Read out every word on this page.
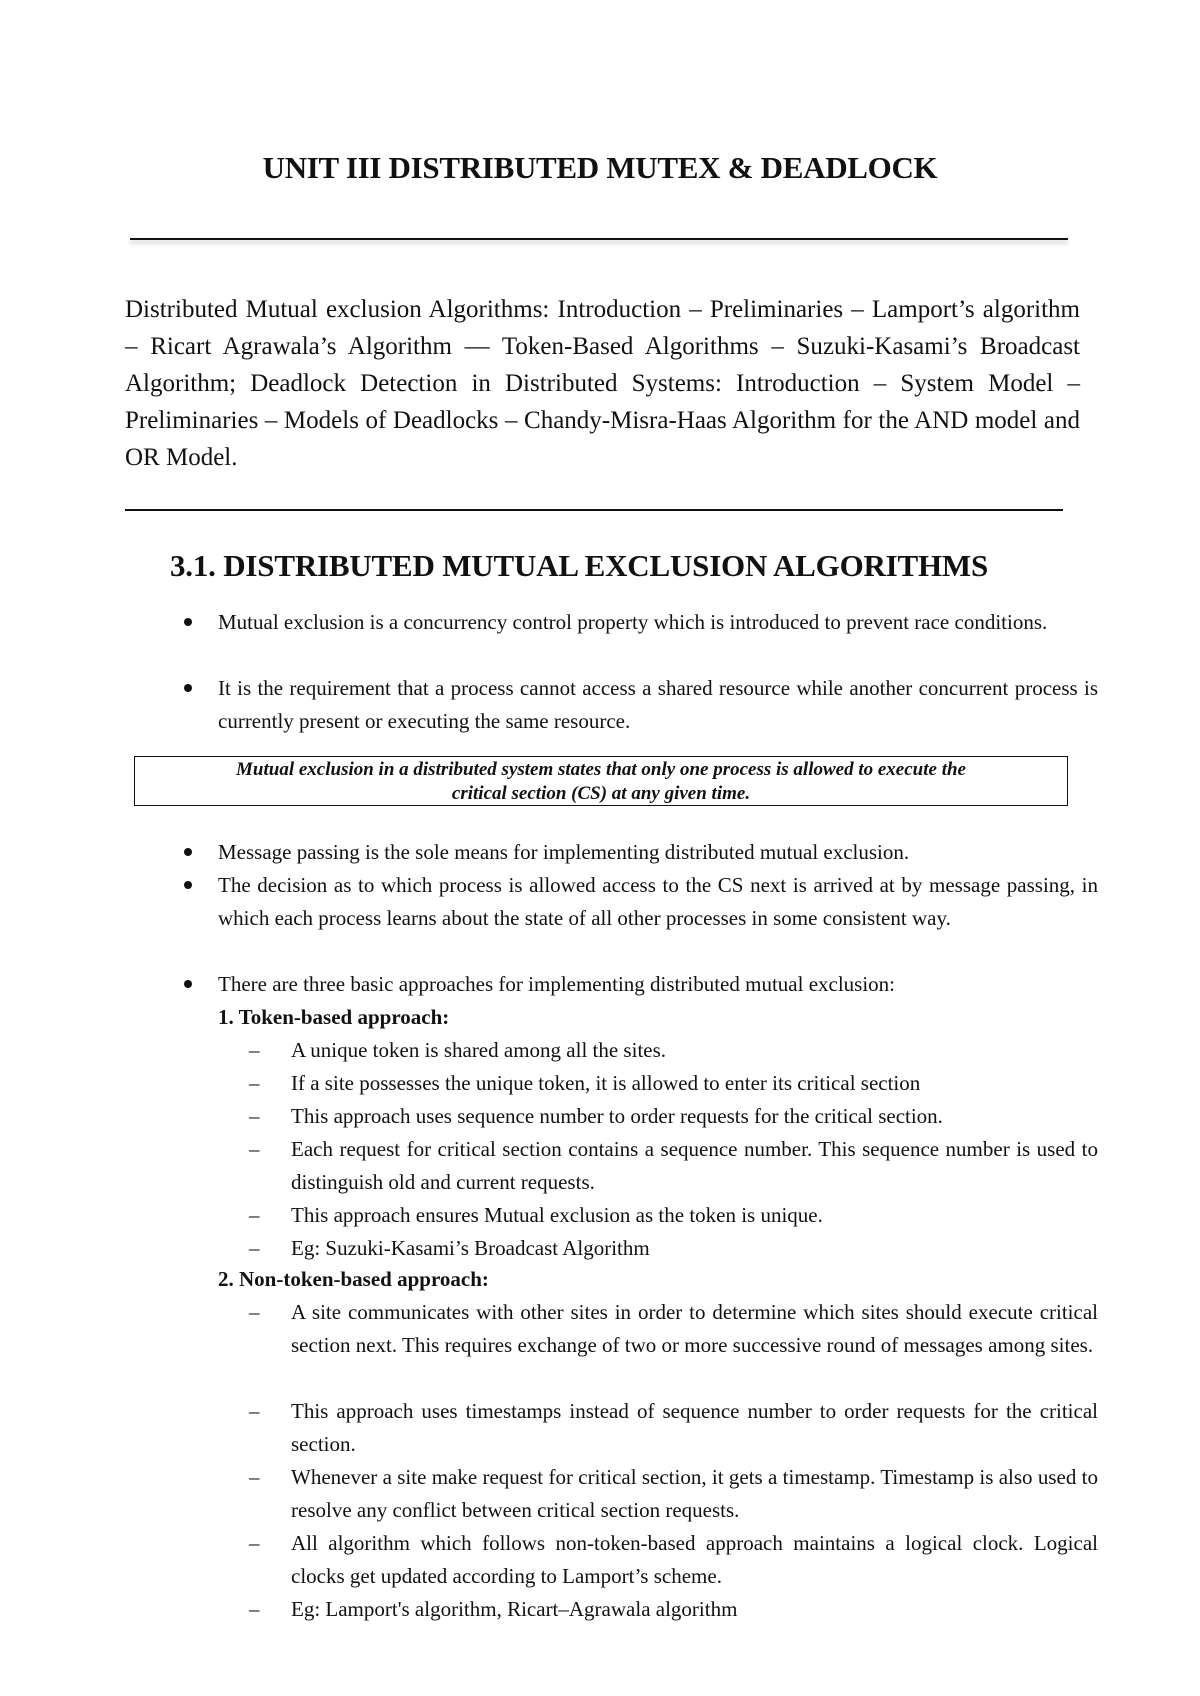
UNIT III DISTRIBUTED MUTEX & DEADLOCK
Distributed Mutual exclusion Algorithms: Introduction – Preliminaries – Lamport’s algorithm – Ricart Agrawala’s Algorithm –– Token-Based Algorithms – Suzuki-Kasami’s Broadcast Algorithm; Deadlock Detection in Distributed Systems: Introduction – System Model – Preliminaries – Models of Deadlocks – Chandy-Misra-Haas Algorithm for the AND model and OR Model.
3.1. DISTRIBUTED MUTUAL EXCLUSION ALGORITHMS
Mutual exclusion is a concurrency control property which is introduced to prevent race conditions.
It is the requirement that a process cannot access a shared resource while another concurrent process is currently present or executing the same resource.
Mutual exclusion in a distributed system states that only one process is allowed to execute the
critical section (CS) at any given time.
Message passing is the sole means for implementing distributed mutual exclusion.
The decision as to which process is allowed access to the CS next is arrived at by message passing, in which each process learns about the state of all other processes in some consistent way.
There are three basic approaches for implementing distributed mutual exclusion:
1. Token-based approach:
– A unique token is shared among all the sites.
– If a site possesses the unique token, it is allowed to enter its critical section
– This approach uses sequence number to order requests for the critical section.
– Each request for critical section contains a sequence number. This sequence number is used to distinguish old and current requests.
– This approach ensures Mutual exclusion as the token is unique.
– Eg: Suzuki-Kasami’s Broadcast Algorithm
2. Non-token-based approach:
– A site communicates with other sites in order to determine which sites should execute critical section next. This requires exchange of two or more successive round of messages among sites.
– This approach uses timestamps instead of sequence number to order requests for the critical section.
– Whenever a site make request for critical section, it gets a timestamp. Timestamp is also used to resolve any conflict between critical section requests.
– All algorithm which follows non-token-based approach maintains a logical clock. Logical clocks get updated according to Lamport’s scheme.
– Eg: Lamport's algorithm, Ricart–Agrawala algorithm
